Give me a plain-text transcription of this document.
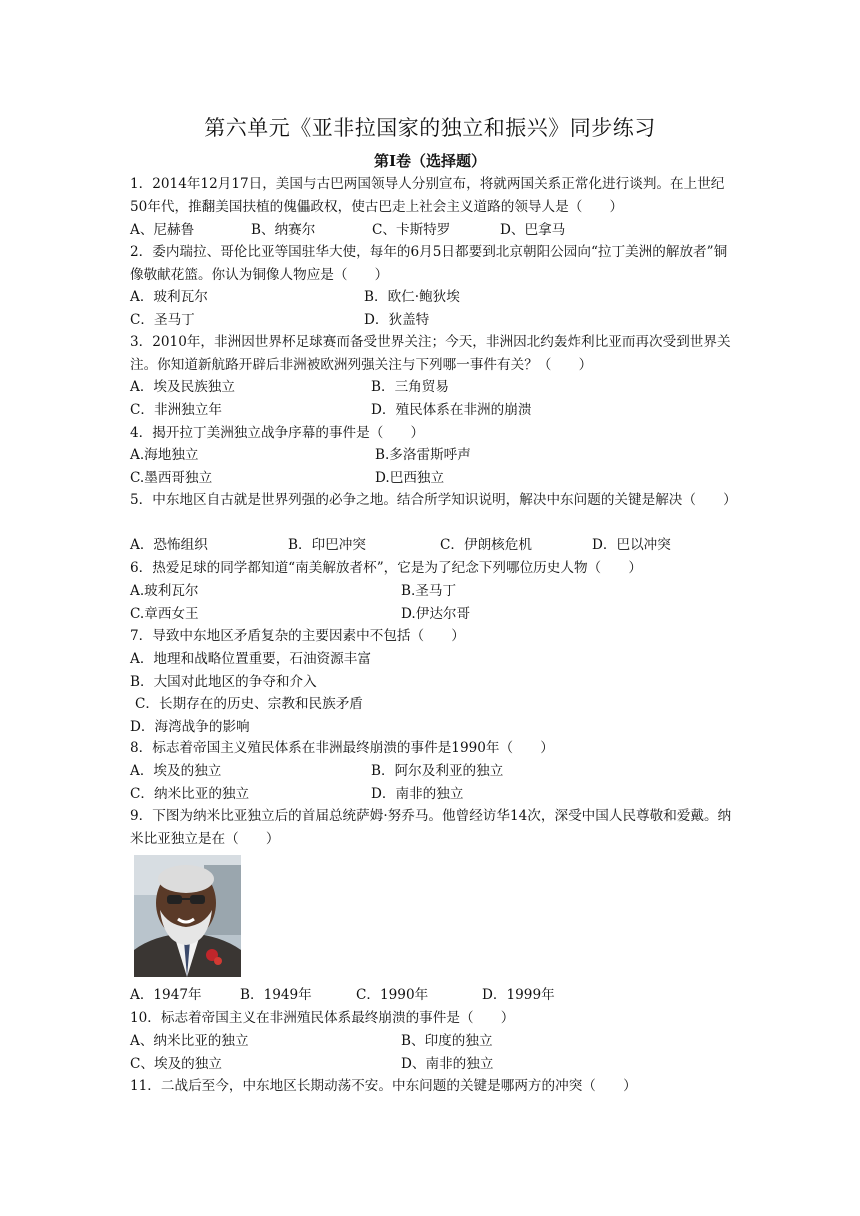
第六单元《亚非拉国家的独立和振兴》同步练习
第Ⅰ卷（选择题）
1．2014年12月17日，美国与古巴两国领导人分别宣布，将就两国关系正常化进行谈判。在上世纪50年代，推翻美国扶植的傀儡政权，使古巴走上社会主义道路的领导人是（　　）
A、尼赫鲁	B、纳赛尔	C、卡斯特罗	D、巴拿马
2．委内瑞拉、哥伦比亚等国驻华大使，每年的6月5日都要到北京朝阳公园向“拉丁美洲的解放者”铜像敬献花篮。你认为铜像人物应是（　　）
A．玻利瓦尔	B．欧仁·鲍狄埃
C．圣马丁	D．狄盖特
3．2010年，非洲因世界杯足球赛而备受世界关注；今天，非洲因北约轰炸利比亚而再次受到世界关注。你知道新航路开辟后非洲被欧洲列强关注与下列哪一事件有关？（　　）
A．埃及民族独立	B．三角贸易
C．非洲独立年	D．殖民体系在非洲的崩溃
4．揭开拉丁美洲独立战争序幕的事件是（　　）
A.海地独立	B.多洛雷斯呼声
C.墨西哥独立	D.巴西独立
5．中东地区自古就是世界列强的必争之地。结合所学知识说明，解决中东问题的关键是解决（　　）
A．恐怖组织	B．印巴冲突	C．伊朗核危机	D．巴以冲突
6．热爱足球的同学都知道“南美解放者杯”，它是为了纪念下列哪位历史人物（　　）
A.玻利瓦尔	B.圣马丁
C.章西女王	D.伊达尔哥
7．导致中东地区矛盾复杂的主要因素中不包括（　　）
A．地理和战略位置重要，石油资源丰富
B．大国对此地区的争夺和介入
C．长期存在的历史、宗教和民族矛盾
D．海湾战争的影响
8．标志着帝国主义殖民体系在非洲最终崩溃的事件是1990年（　　）
A．埃及的独立	B．阿尔及利亚的独立
C．纳米比亚的独立	D．南非的独立
9．下图为纳米比亚独立后的首届总统萨姆·努乔马。他曾经访华14次，深受中国人民尊敬和爱戴。纳米比亚独立是在（　　）
A．1947年	B．1949年	C．1990年	D．1999年
10．标志着帝国主义在非洲殖民体系最终崩溃的事件是（　　）
A、纳米比亚的独立	B、印度的独立
C、埃及的独立	D、南非的独立
11．二战后至今，中东地区长期动荡不安。中东问题的关键是哪两方的冲突（　　）
